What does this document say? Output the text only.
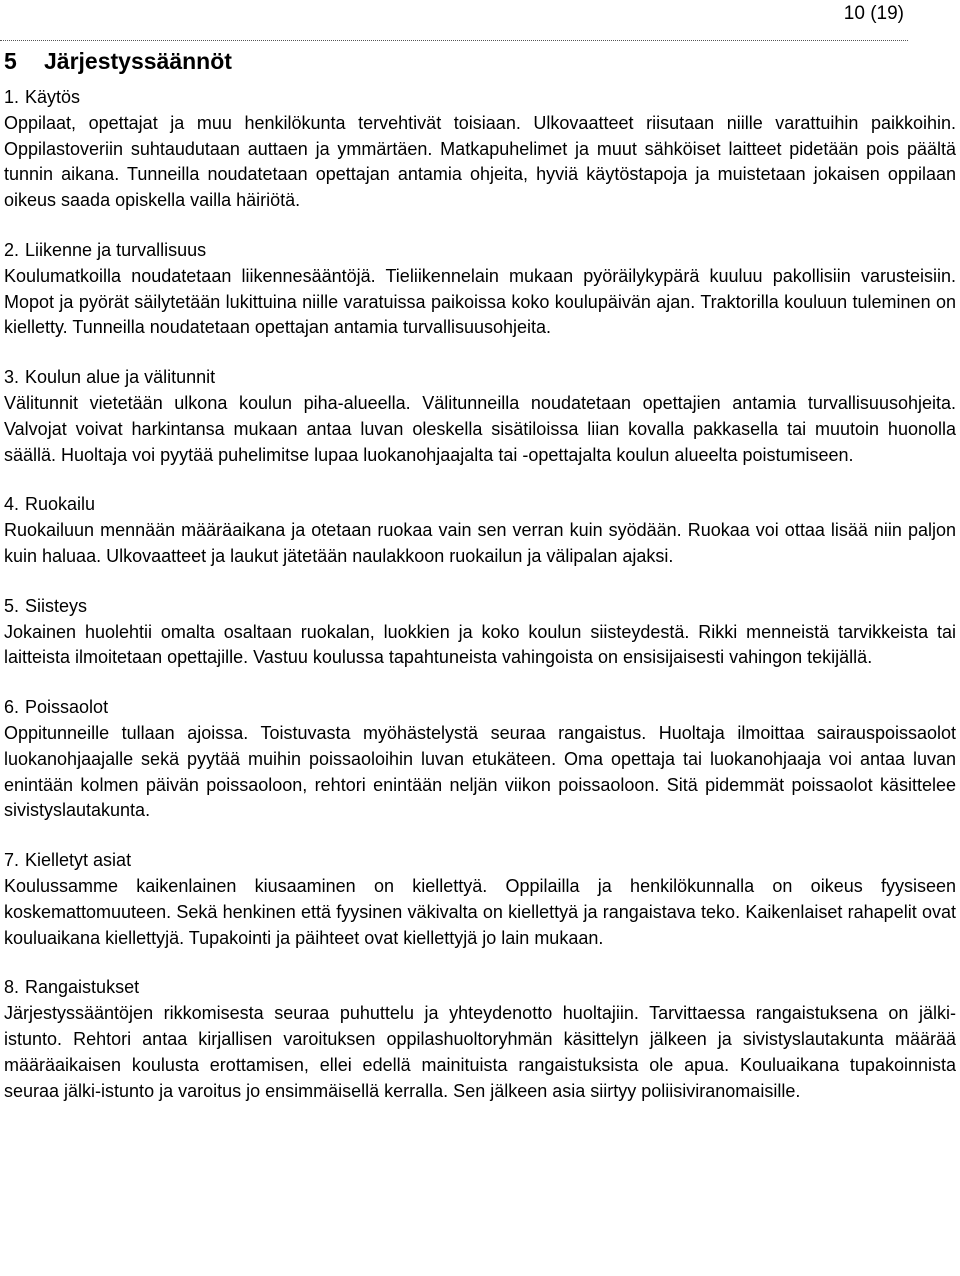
10 (19)
5 Järjestyssäännöt

1. Käytös

Oppilaat, opettajat ja muu henkilökunta tervehtivät toisiaan. Ulkovaatteet riisutaan niille varattuihin paikkoihin. Oppilastoveriin suhtaudutaan auttaen ja ymmärtäen. Matkapuhelimet ja muut sähköiset laitteet pidetään pois päältä tunnin aikana. Tunneilla noudatetaan opettajan antamia ohjeita, hyviä käytöstapoja ja muistetaan jokaisen oppilaan oikeus saada opiskella vailla häiriötä.

2. Liikenne ja turvallisuus

Koulumatkoilla noudatetaan liikennesääntöjä. Tieliikennelain mukaan pyöräilykypärä kuuluu pakollisiin varusteisiin. Mopot ja pyörät säilytetään lukittuina niille varatuissa paikoissa koko koulupäivän ajan. Traktorilla kouluun tuleminen on kielletty. Tunneilla noudatetaan opettajan antamia turvallisuusohjeita.

3. Koulun alue ja välitunnit

Välitunnit vietetään ulkona koulun piha-alueella. Välitunneilla noudatetaan opettajien antamia turvallisuusohjeita. Valvojat voivat harkintansa mukaan antaa luvan oleskella sisätiloissa liian kovalla pakkasella tai muutoin huonolla säällä. Huoltaja voi pyytää puhelimitse lupaa luokanohjaajalta tai -opettajalta koulun alueelta poistumiseen.

4. Ruokailu

Ruokailuun mennään määräaikana ja otetaan ruokaa vain sen verran kuin syödään. Ruokaa voi ottaa lisää niin paljon kuin haluaa. Ulkovaatteet ja laukut jätetään naulakkoon ruokailun ja välipalan ajaksi.

5. Siisteys

Jokainen huolehtii omalta osaltaan ruokalan, luokkien ja koko koulun siisteydestä. Rikki menneistä tarvikkeista tai laitteista ilmoitetaan opettajille. Vastuu koulussa tapahtuneista vahingoista on ensisijaisesti vahingon tekijällä.

6. Poissaolot

Oppitunneille tullaan ajoissa. Toistuvasta myöhästelystä seuraa rangaistus. Huoltaja ilmoittaa sairauspoissaolot luokanohjaajalle sekä pyytää muihin poissaoloihin luvan etukäteen. Oma opettaja tai luokanohjaaja voi antaa luvan enintään kolmen päivän poissaoloon, rehtori enintään neljän viikon poissaoloon. Sitä pidemmät poissaolot käsittelee sivistyslautakunta.

7. Kielletyt asiat

Koulussamme kaikenlainen kiusaaminen on kiellettyä. Oppilailla ja henkilökunnalla on oikeus fyysiseen koskemattomuuteen. Sekä henkinen että fyysinen väkivalta on kiellettyä ja rangaistava teko. Kaikenlaiset rahapelit ovat kouluaikana kiellettyjä. Tupakointi ja päihteet ovat kiellettyjä jo lain mukaan.

8. Rangaistukset

Järjestyssääntöjen rikkomisesta seuraa puhuttelu ja yhteydenotto huoltajiin. Tarvittaessa rangaistuksena on jälki-istunto. Rehtori antaa kirjallisen varoituksen oppilashuoltoryhmän käsittelyn jälkeen ja sivistyslautakunta määrää määräaikaisen koulusta erottamisen, ellei edellä mainituista rangaistuksista ole apua. Kouluaikana tupakoinnista seuraa jälki-istunto ja varoitus jo ensimmäisellä kerralla. Sen jälkeen asia siirtyy poliisiviranomaisille.
